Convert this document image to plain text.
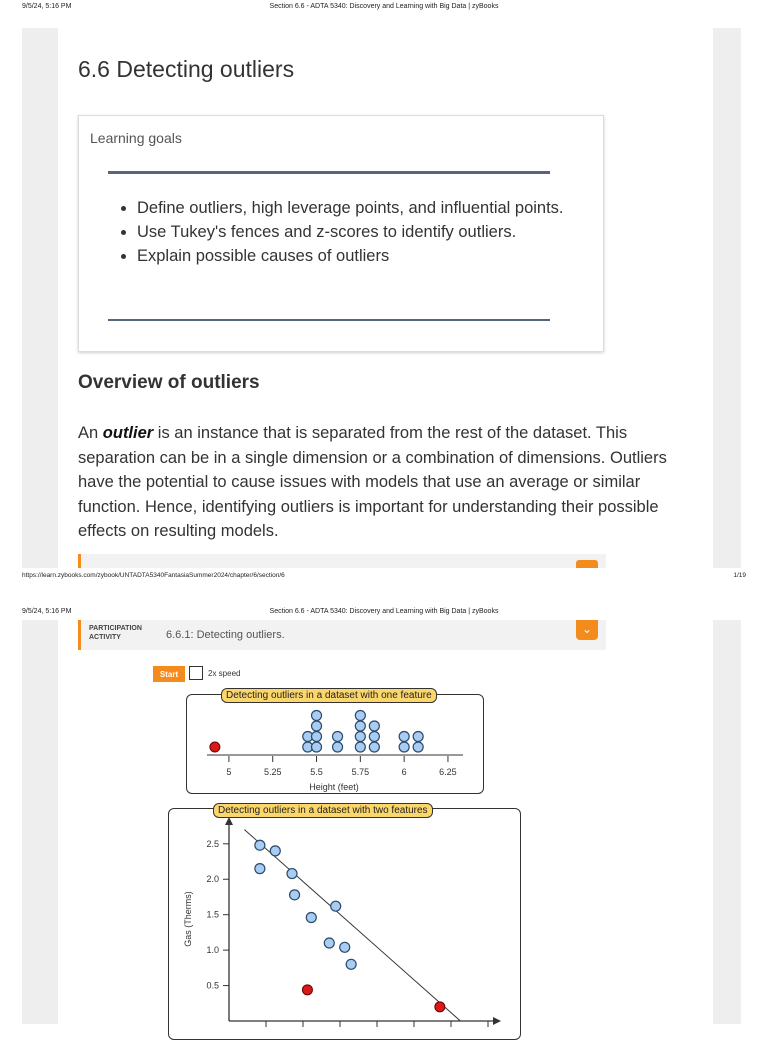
9/5/24, 5:16 PM	Section 6.6 - ADTA 5340: Discovery and Learning with Big Data | zyBooks
6.6 Detecting outliers
Learning goals
• Define outliers, high leverage points, and influential points.
• Use Tukey's fences and z-scores to identify outliers.
• Explain possible causes of outliers
Overview of outliers

An outlier is an instance that is separated from the rest of the dataset. This separation can be in a single dimension or a combination of dimensions. Outliers have the potential to cause issues with models that use an average or similar function. Hence, identifying outliers is important for understanding their possible effects on resulting models.

https://learn.zybooks.com/zybook/UNTADTA5340FantasiaSummer2024/chapter/6/section/6	1/19
9/5/24, 5:16 PM	Section 6.6 - ADTA 5340: Discovery and Learning with Big Data | zyBooks
PARTICIPATION ACTIVITY	6.6.1: Detecting outliers.	⌄
Start	2x speed
5	5.25	5.5	5.75	6	6.25
Height (feet)
Detecting outliers in a dataset with one feature
0.5
1.0
1.5
2.0
2.5
Gas (Therms)
Detecting outliers in a dataset with two features
